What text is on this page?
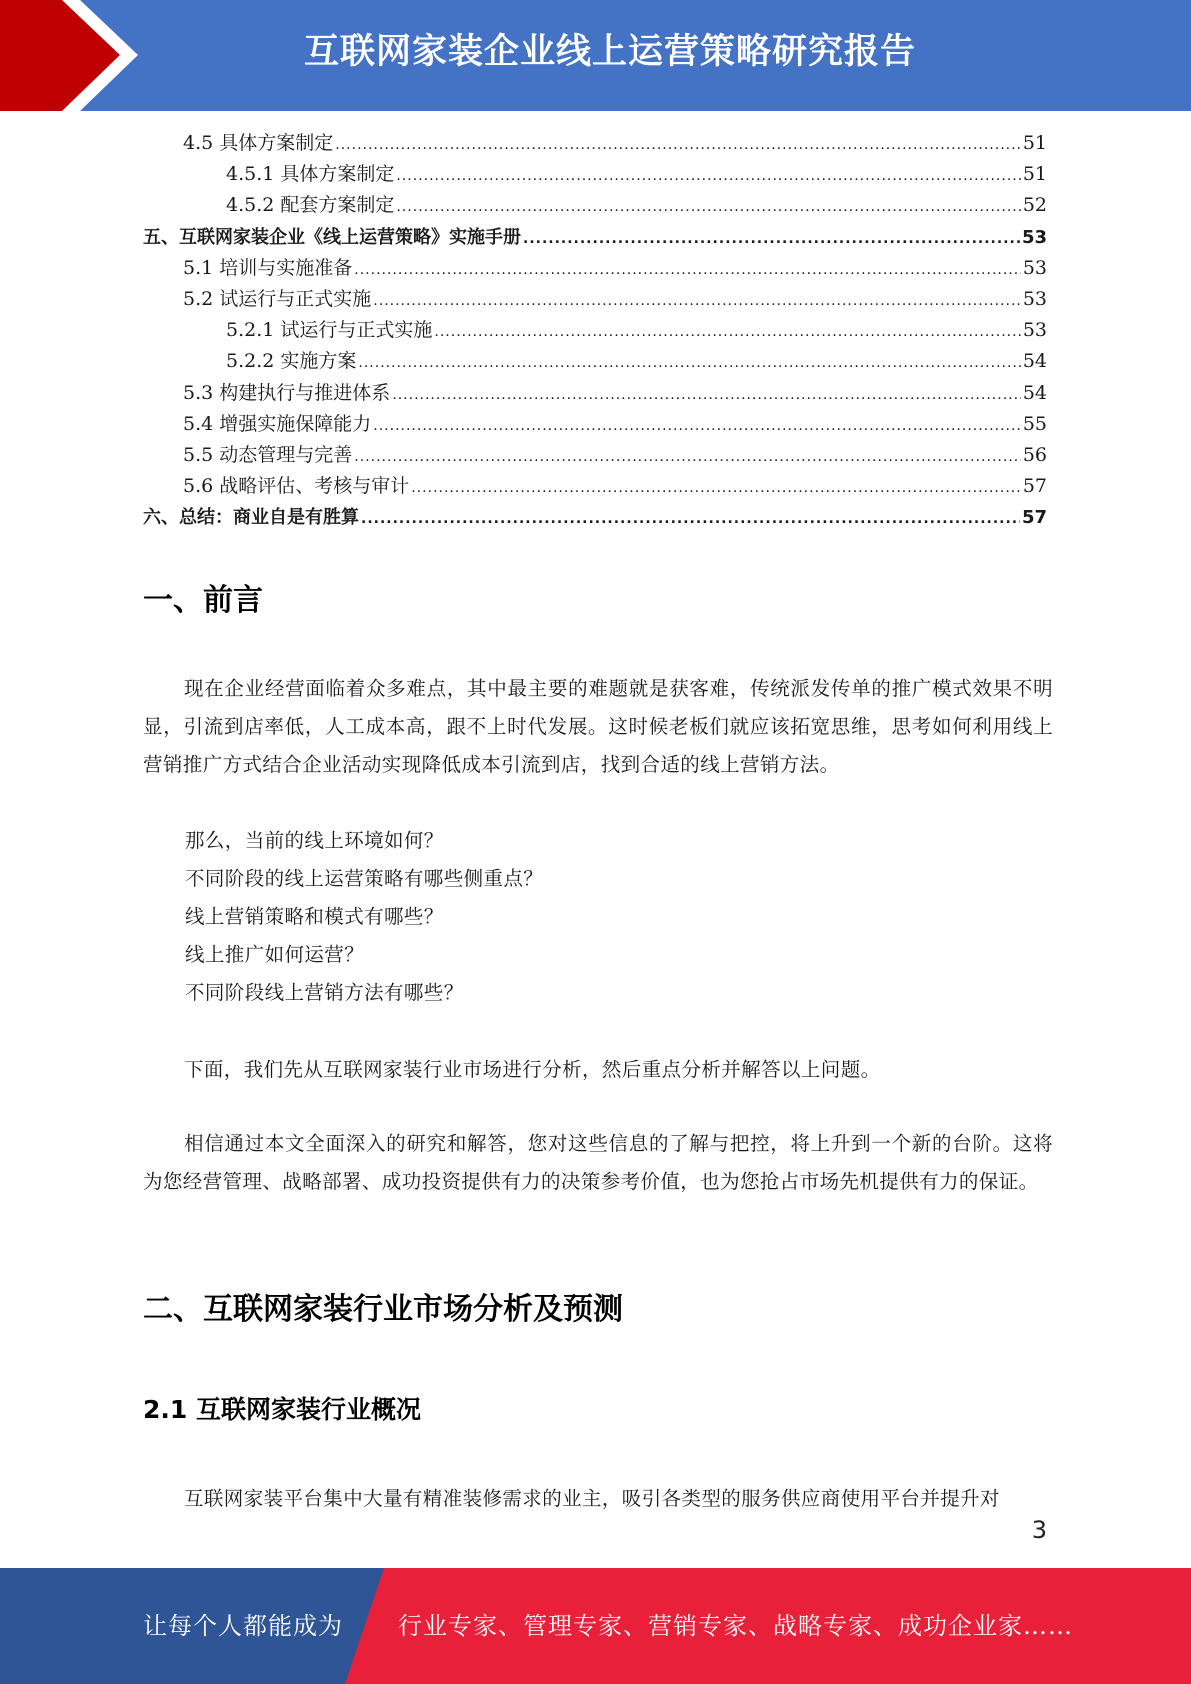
互联网家装企业线上运营策略研究报告
4.5 具体方案制定 .....	51
4.5.1 具体方案制定 .....	51
4.5.2 配套方案制定 .....	52
五、互联网家装企业《线上运营策略》实施手册 .....	53
5.1 培训与实施准备 .....	53
5.2 试运行与正式实施 .....	53
5.2.1 试运行与正式实施 .....	53
5.2.2 实施方案 .....	54
5.3 构建执行与推进体系 .....	54
5.4 增强实施保障能力 .....	55
5.5 动态管理与完善 .....	56
5.6 战略评估、考核与审计 .....	57
六、总结：商业自是有胜算 .....	57
一、前言
现在企业经营面临着众多难点，其中最主要的难题就是获客难，传统派发传单的推广模式效果不明显，引流到店率低，人工成本高，跟不上时代发展。这时候老板们就应该拓宽思维，思考如何利用线上营销推广方式结合企业活动实现降低成本引流到店，找到合适的线上营销方法。
那么，当前的线上环境如何？
不同阶段的线上运营策略有哪些侧重点？
线上营销策略和模式有哪些？
线上推广如何运营？
不同阶段线上营销方法有哪些？
下面，我们先从互联网家装行业市场进行分析，然后重点分析并解答以上问题。
相信通过本文全面深入的研究和解答，您对这些信息的了解与把控，将上升到一个新的台阶。这将为您经营管理、战略部署、成功投资提供有力的决策参考价值，也为您抢占市场先机提供有力的保证。
二、互联网家装行业市场分析及预测
2.1 互联网家装行业概况
互联网家装平台集中大量有精准装修需求的业主，吸引各类型的服务供应商使用平台并提升对
3
让每个人都能成为 行业专家、管理专家、营销专家、战略专家、成功企业家……
